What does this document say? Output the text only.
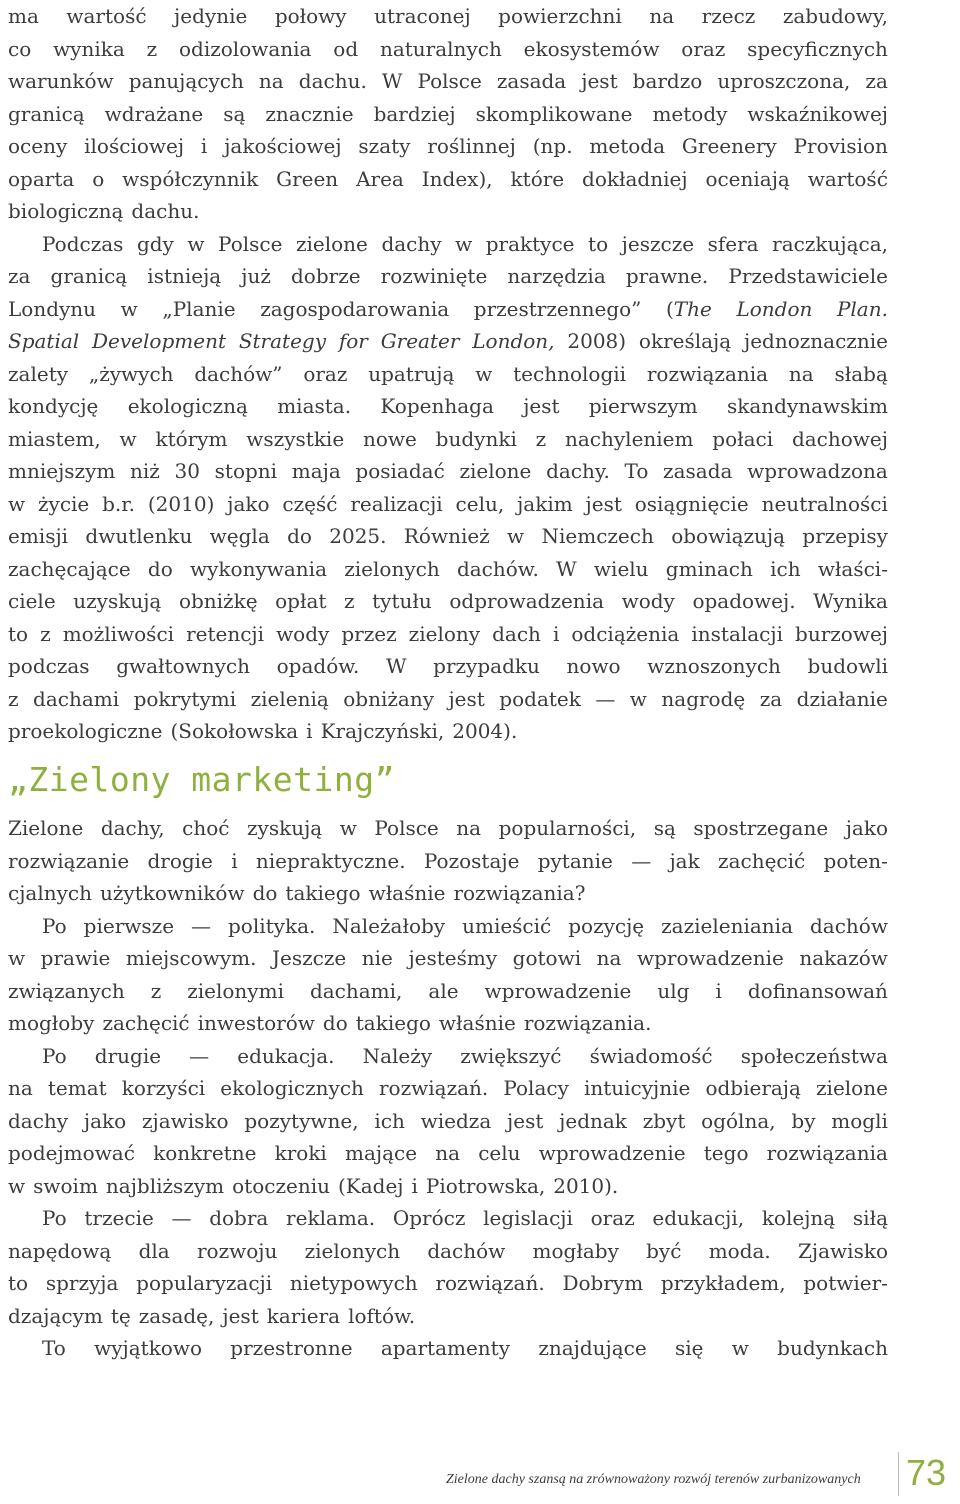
ma wartość jedynie połowy utraconej powierzchni na rzecz zabudowy,
co wynika z odizolowania od naturalnych ekosystemów oraz specyficznych
warunków panujących na dachu. W Polsce zasada jest bardzo uproszczona, za
granicą wdrażane są znacznie bardziej skomplikowane metody wskaźnikowej
oceny ilościowej i jakościowej szaty roślinnej (np. metoda Greenery Provision
oparta o współczynnik Green Area Index), które dokładniej oceniają wartość
biologiczną dachu.
Podczas gdy w Polsce zielone dachy w praktyce to jeszcze sfera raczkująca,
za granicą istnieją już dobrze rozwinięte narzędzia prawne. Przedstawiciele
Londynu w „Planie zagospodarowania przestrzennego” (The London Plan.
Spatial Development Strategy for Greater London, 2008) określają jednoznacznie
zalety „żywych dachów” oraz upatrują w technologii rozwiązania na słabą
kondycję ekologiczną miasta. Kopenhaga jest pierwszym skandynawskim
miastem, w którym wszystkie nowe budynki z nachyleniem połaci dachowej
mniejszym niż 30 stopni maja posiadać zielone dachy. To zasada wprowadzona
w życie b.r. (2010) jako część realizacji celu, jakim jest osiągnięcie neutralności
emisji dwutlenku węgla do 2025. Również w Niemczech obowiązują przepisy
zachęcające do wykonywania zielonych dachów. W wielu gminach ich właści-
ciele uzyskują obniżkę opłat z tytułu odprowadzenia wody opadowej. Wynika
to z możliwości retencji wody przez zielony dach i odciążenia instalacji burzowej
podczas gwałtownych opadów. W przypadku nowo wznoszonych budowli
z dachami pokrytymi zielenią obniżany jest podatek — w nagrodę za działanie
proekologiczne (Sokołowska i Krajczyński, 2004).
„Zielony marketing”
Zielone dachy, choć zyskują w Polsce na popularności, są spostrzegane jako
rozwiązanie drogie i niepraktyczne. Pozostaje pytanie — jak zachęcić poten-
cjalnych użytkowników do takiego właśnie rozwiązania?
Po pierwsze — polityka. Należałoby umieścić pozycję zazieleniania dachów
w prawie miejscowym. Jeszcze nie jesteśmy gotowi na wprowadzenie nakazów
związanych z zielonymi dachami, ale wprowadzenie ulg i dofinansowań
mogłoby zachęcić inwestorów do takiego właśnie rozwiązania.
Po drugie — edukacja. Należy zwiększyć świadomość społeczeństwa
na temat korzyści ekologicznych rozwiązań. Polacy intuicyjnie odbierają zielone
dachy jako zjawisko pozytywne, ich wiedza jest jednak zbyt ogólna, by mogli
podejmować konkretne kroki mające na celu wprowadzenie tego rozwiązania
w swoim najbliższym otoczeniu (Kadej i Piotrowska, 2010).
Po trzecie — dobra reklama. Oprócz legislacji oraz edukacji, kolejną siłą
napędową dla rozwoju zielonych dachów mogłaby być moda. Zjawisko
to sprzyja popularyzacji nietypowych rozwiązań. Dobrym przykładem, potwier-
dzającym tę zasadę, jest kariera loftów.
To wyjątkowo przestronne apartamenty znajdujące się w budynkach
Zielone dachy szansą na zrównoważony rozwój terenów zurbanizowanych 73
